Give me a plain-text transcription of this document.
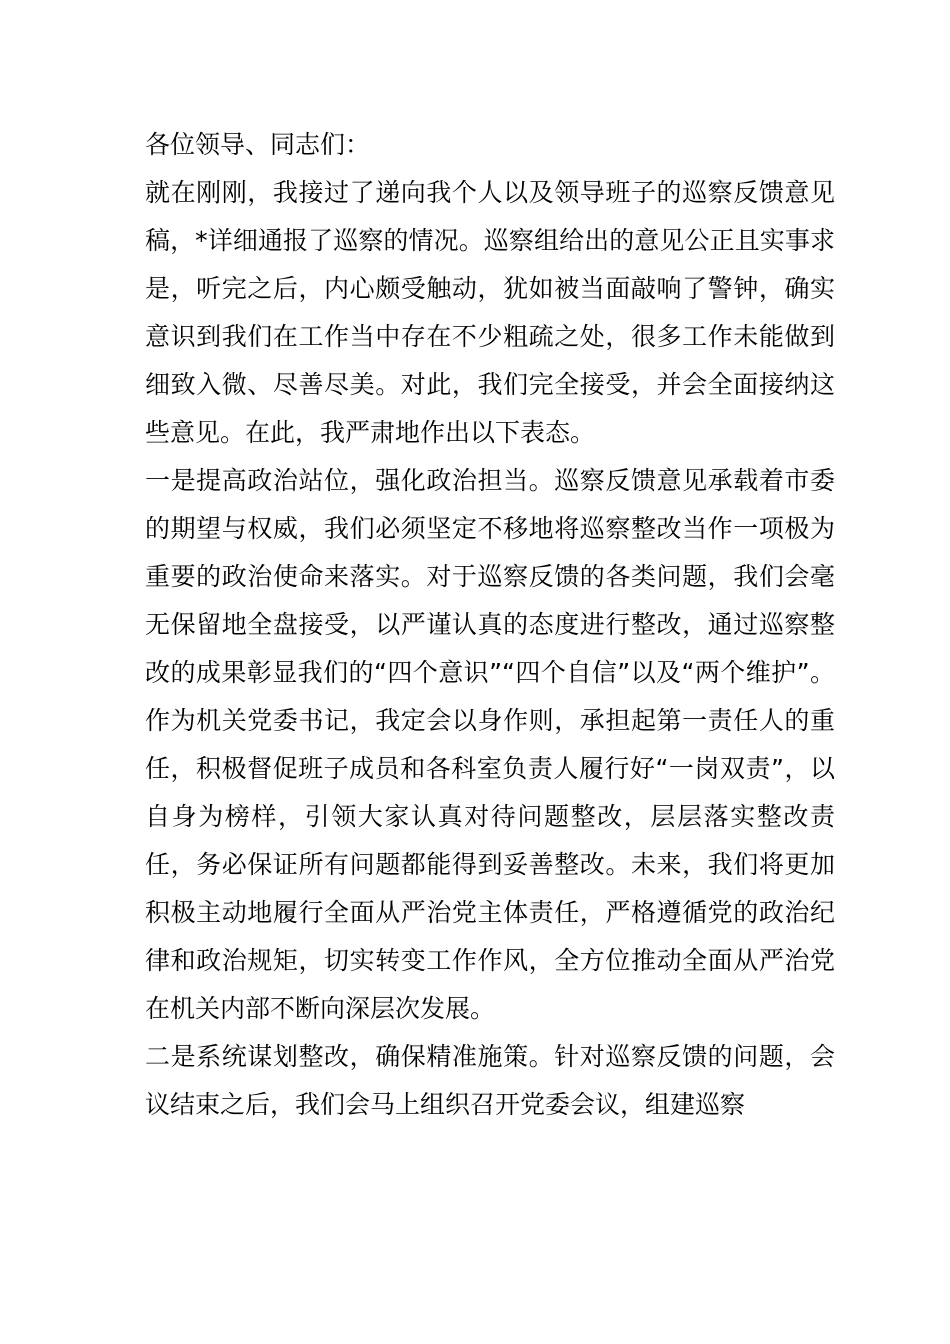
各位领导、同志们：

就在刚刚，我接过了递向我个人以及领导班子的巡察反馈意见稿，*详细通报了巡察的情况。巡察组给出的意见公正且实事求是，听完之后，内心颇受触动，犹如被当面敲响了警钟，确实意识到我们在工作当中存在不少粗疏之处，很多工作未能做到细致入微、尽善尽美。对此，我们完全接受，并会全面接纳这些意见。在此，我严肃地作出以下表态。

一是提高政治站位，强化政治担当。巡察反馈意见承载着市委的期望与权威，我们必须坚定不移地将巡察整改当作一项极为重要的政治使命来落实。对于巡察反馈的各类问题，我们会毫无保留地全盘接受，以严谨认真的态度进行整改，通过巡察整改的成果彰显我们的“四个意识”“四个自信”以及“两个维护”。作为机关党委书记，我定会以身作则，承担起第一责任人的重任，积极督促班子成员和各科室负责人履行好“一岗双责”，以自身为榜样，引领大家认真对待问题整改，层层落实整改责任，务必保证所有问题都能得到妥善整改。未来，我们将更加积极主动地履行全面从严治党主体责任，严格遵循党的政治纪律和政治规矩，切实转变工作作风，全方位推动全面从严治党在机关内部不断向深层次发展。

二是系统谋划整改，确保精准施策。针对巡察反馈的问题，会议结束之后，我们会马上组织召开党委会议，组建巡察
